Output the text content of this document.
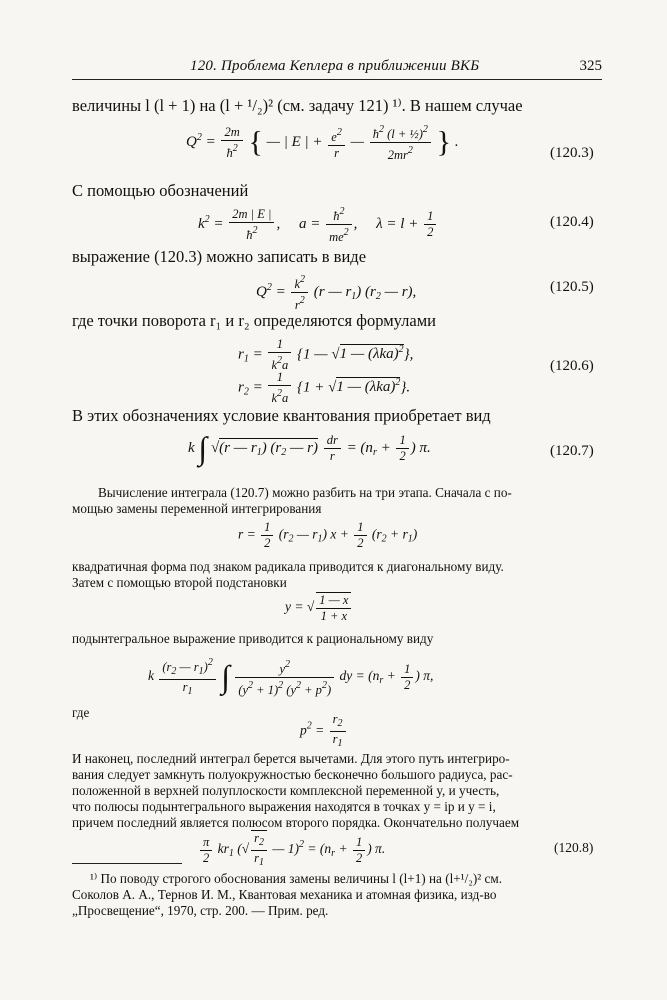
120. Проблема Кеплера в приближении ВКБ	325

величины l (l + 1) на (l + ¹/₂)² (см. задачу 121) ¹⁾. В нашем случае
$Q^2 = \frac{2m}{ħ^2}$ { — | E | + $\frac{e^2}{r}$ — $\frac{ħ^2 (l + \frac{1}{2})^2}{2mr^2}$ } .
(120.3)
С помощью обозначений
$k^2 = \frac{2m | E |}{ħ^2}$ ,     $a = \frac{ħ^2}{me^2}$ ,     $\lambda = l + \frac{1}{2}$	(120.4)
выражение (120.3) можно записать в виде
$Q^2 = \frac{k^2}{r^2} (r$ — $r_1$) ($r_2$ — r),	(120.5)
где точки поворота r₁ и r₂ определяются формулами
$r_1 = \frac{1}{k^2a} \{1$ — √1 — $(\lambda ka)^2$},
$r_2 = \frac{1}{k^2a} \{1 + √1$ — $(\lambda ka)^2$}.
(120.6)
В этих обозначениях условие квантования приобретает вид
k ∫ √(r — $r_1$) ($r_2$ — $r) \frac{dr}{r} = (n_r + \frac{1}{2}$ ) π.	(120.7)
Вычисление интеграла (120.7) можно разбить на три этапа. Сначала с по-
мощью замены переменной интегрирования
$r = \frac{1}{2} (r_2$ — $r_1$) $x + \frac{1}{2} (r_2 + r_1)$
квадратичная форма под знаком радикала приводится к диагональному виду.
Затем с помощью второй подстановки
y = √ $\frac{1 — x}{1 + x}$
подынтегральное выражение приводится к рациональному виду
k $\frac{(r_2 — r_1)^2}{r_1}$ ∫ $\frac{y^2}{(y^2 + 1)^2 (y^2 + p^2)}$ dy = ($n_r + \frac{1}{2}$ ) π,
где
$p^2 = \frac{r_2}{r_1}$
И наконец, последний интеграл берется вычетами. Для этого путь интегриро-
вания следует замкнуть полуокружностью бесконечно большого радиуса, рас-
положенной в верхней полуплоскости комплексной переменной y, и учесть,
что полюсы подынтегрального выражения находятся в точках y = ip и y = i,
причем последний является полюсом второго порядка. Окончательно получаем
$\frac{\pi}{2} kr_1$ (√ $\frac{r_2}{r_1}$ — $1)^2 = (n_r + \frac{1}{2}$ ) π.	(120.8)
¹⁾ По поводу строгого обоснования замены величины l (l+1) на (l+¹/₂)² см.
Соколов А. А., Тернов И. М., Квантовая механика и атомная физика, изд-во
„Просвещение“, 1970, стр. 200. — Прим. ред.
